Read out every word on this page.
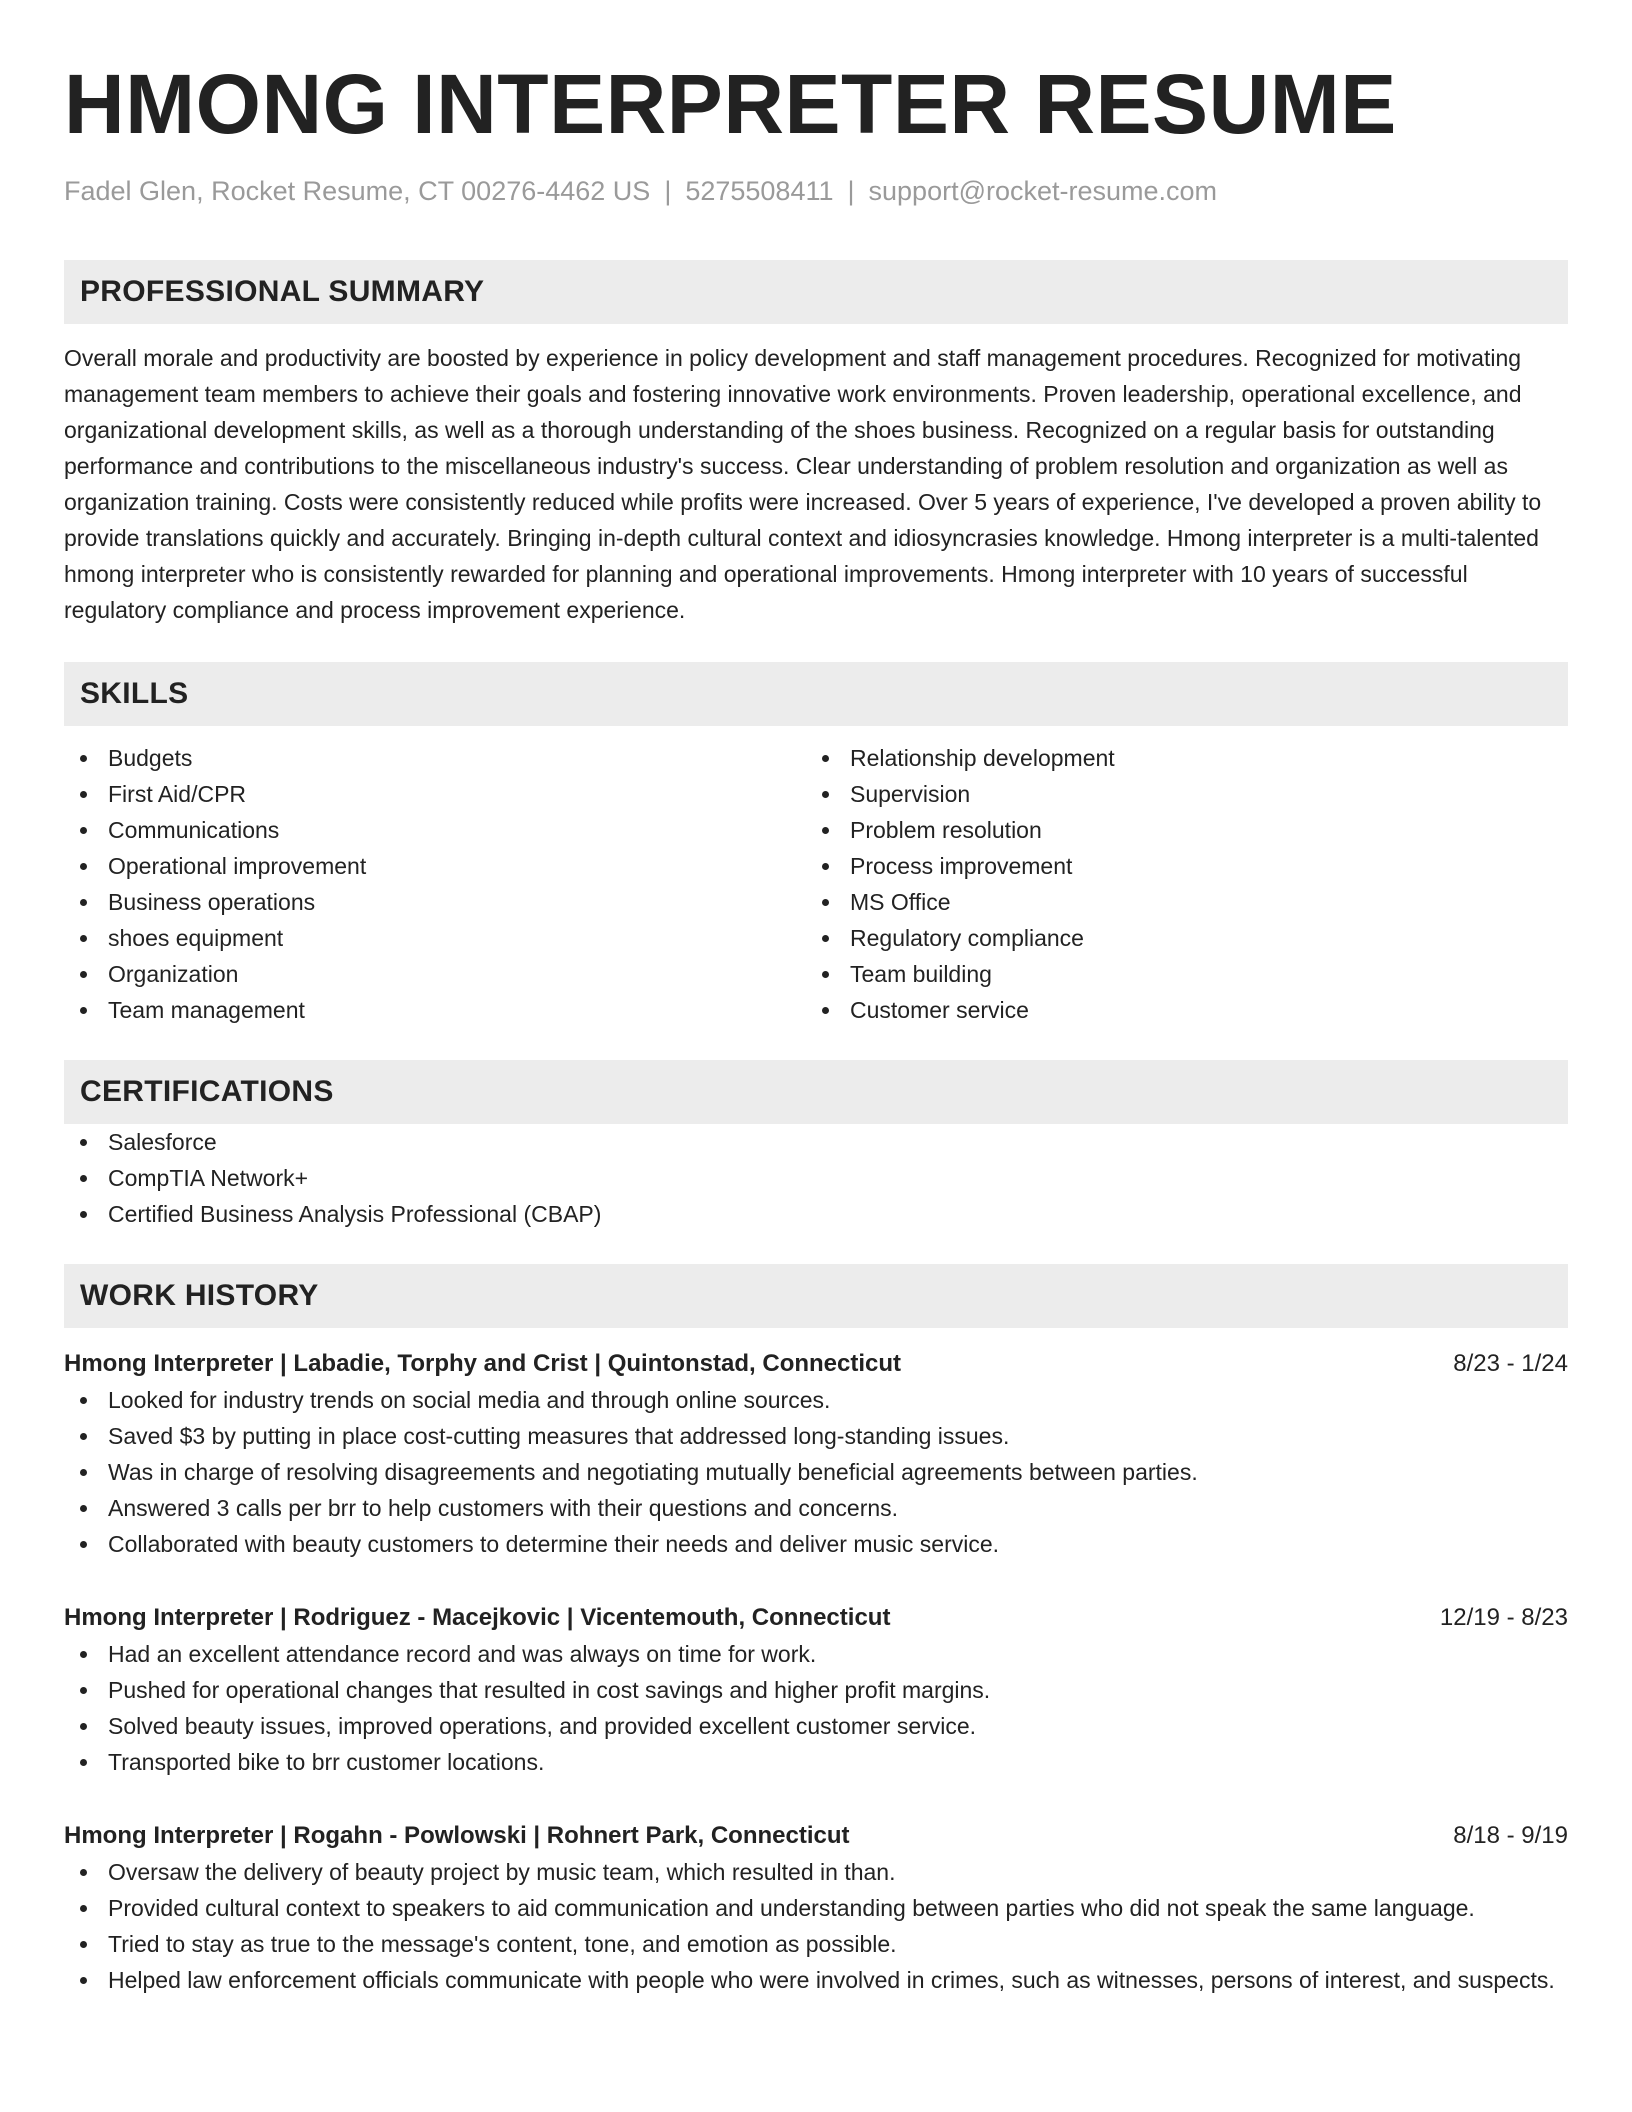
HMONG INTERPRETER RESUME
Fadel Glen, Rocket Resume, CT 00276-4462 US | 5275508411 | support@rocket-resume.com
PROFESSIONAL SUMMARY
Overall morale and productivity are boosted by experience in policy development and staff management procedures. Recognized for motivating management team members to achieve their goals and fostering innovative work environments. Proven leadership, operational excellence, and organizational development skills, as well as a thorough understanding of the shoes business. Recognized on a regular basis for outstanding performance and contributions to the miscellaneous industry's success. Clear understanding of problem resolution and organization as well as organization training. Costs were consistently reduced while profits were increased. Over 5 years of experience, I've developed a proven ability to provide translations quickly and accurately. Bringing in-depth cultural context and idiosyncrasies knowledge. Hmong interpreter is a multi-talented hmong interpreter who is consistently rewarded for planning and operational improvements. Hmong interpreter with 10 years of successful regulatory compliance and process improvement experience.
SKILLS
Budgets
First Aid/CPR
Communications
Operational improvement
Business operations
shoes equipment
Organization
Team management
Relationship development
Supervision
Problem resolution
Process improvement
MS Office
Regulatory compliance
Team building
Customer service
CERTIFICATIONS
Salesforce
CompTIA Network+
Certified Business Analysis Professional (CBAP)
WORK HISTORY
Hmong Interpreter | Labadie, Torphy and Crist | Quintonstad, Connecticut	8/23 - 1/24
Looked for industry trends on social media and through online sources.
Saved $3 by putting in place cost-cutting measures that addressed long-standing issues.
Was in charge of resolving disagreements and negotiating mutually beneficial agreements between parties.
Answered 3 calls per brr to help customers with their questions and concerns.
Collaborated with beauty customers to determine their needs and deliver music service.
Hmong Interpreter | Rodriguez - Macejkovic | Vicentemouth, Connecticut	12/19 - 8/23
Had an excellent attendance record and was always on time for work.
Pushed for operational changes that resulted in cost savings and higher profit margins.
Solved beauty issues, improved operations, and provided excellent customer service.
Transported bike to brr customer locations.
Hmong Interpreter | Rogahn - Powlowski | Rohnert Park, Connecticut	8/18 - 9/19
Oversaw the delivery of beauty project by music team, which resulted in than.
Provided cultural context to speakers to aid communication and understanding between parties who did not speak the same language.
Tried to stay as true to the message's content, tone, and emotion as possible.
Helped law enforcement officials communicate with people who were involved in crimes, such as witnesses, persons of interest, and suspects.
